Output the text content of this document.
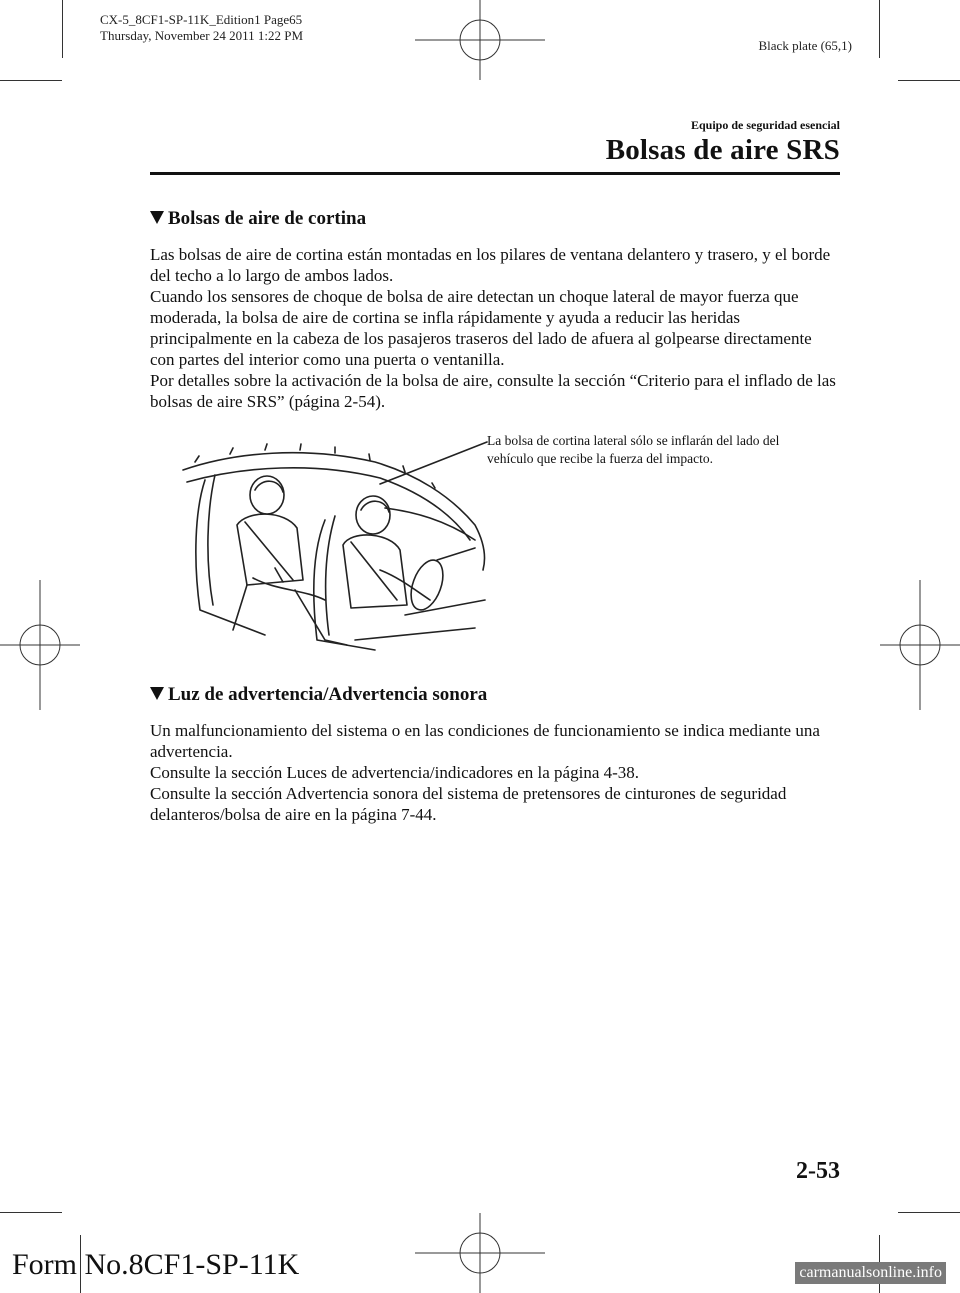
CX-5_8CF1-SP-11K_Edition1 Page65
Thursday, November 24 2011 1:22 PM
Black plate (65,1)
Equipo de seguridad esencial
Bolsas de aire SRS
Bolsas de aire de cortina

Las bolsas de aire de cortina están montadas en los pilares de ventana delantero y trasero, y el borde del techo a lo largo de ambos lados.

Cuando los sensores de choque de bolsa de aire detectan un choque lateral de mayor fuerza que moderada, la bolsa de aire de cortina se infla rápidamente y ayuda a reducir las heridas principalmente en la cabeza de los pasajeros traseros del lado de afuera al golpearse directamente con partes del interior como una puerta o ventanilla.

Por detalles sobre la activación de la bolsa de aire, consulte la sección “Criterio para el inflado de las bolsas de aire SRS” (página 2-54).

La bolsa de cortina lateral sólo se inflarán del lado del vehículo que recibe la fuerza del impacto.
Luz de advertencia/Advertencia sonora

Un malfuncionamiento del sistema o en las condiciones de funcionamiento se indica mediante una advertencia.

Consulte la sección Luces de advertencia/indicadores en la página 4-38.

Consulte la sección Advertencia sonora del sistema de pretensores de cinturones de seguridad delanteros/bolsa de aire en la página 7-44.

2-53
Form No.8CF1-SP-11K	carmanualsonline.info
